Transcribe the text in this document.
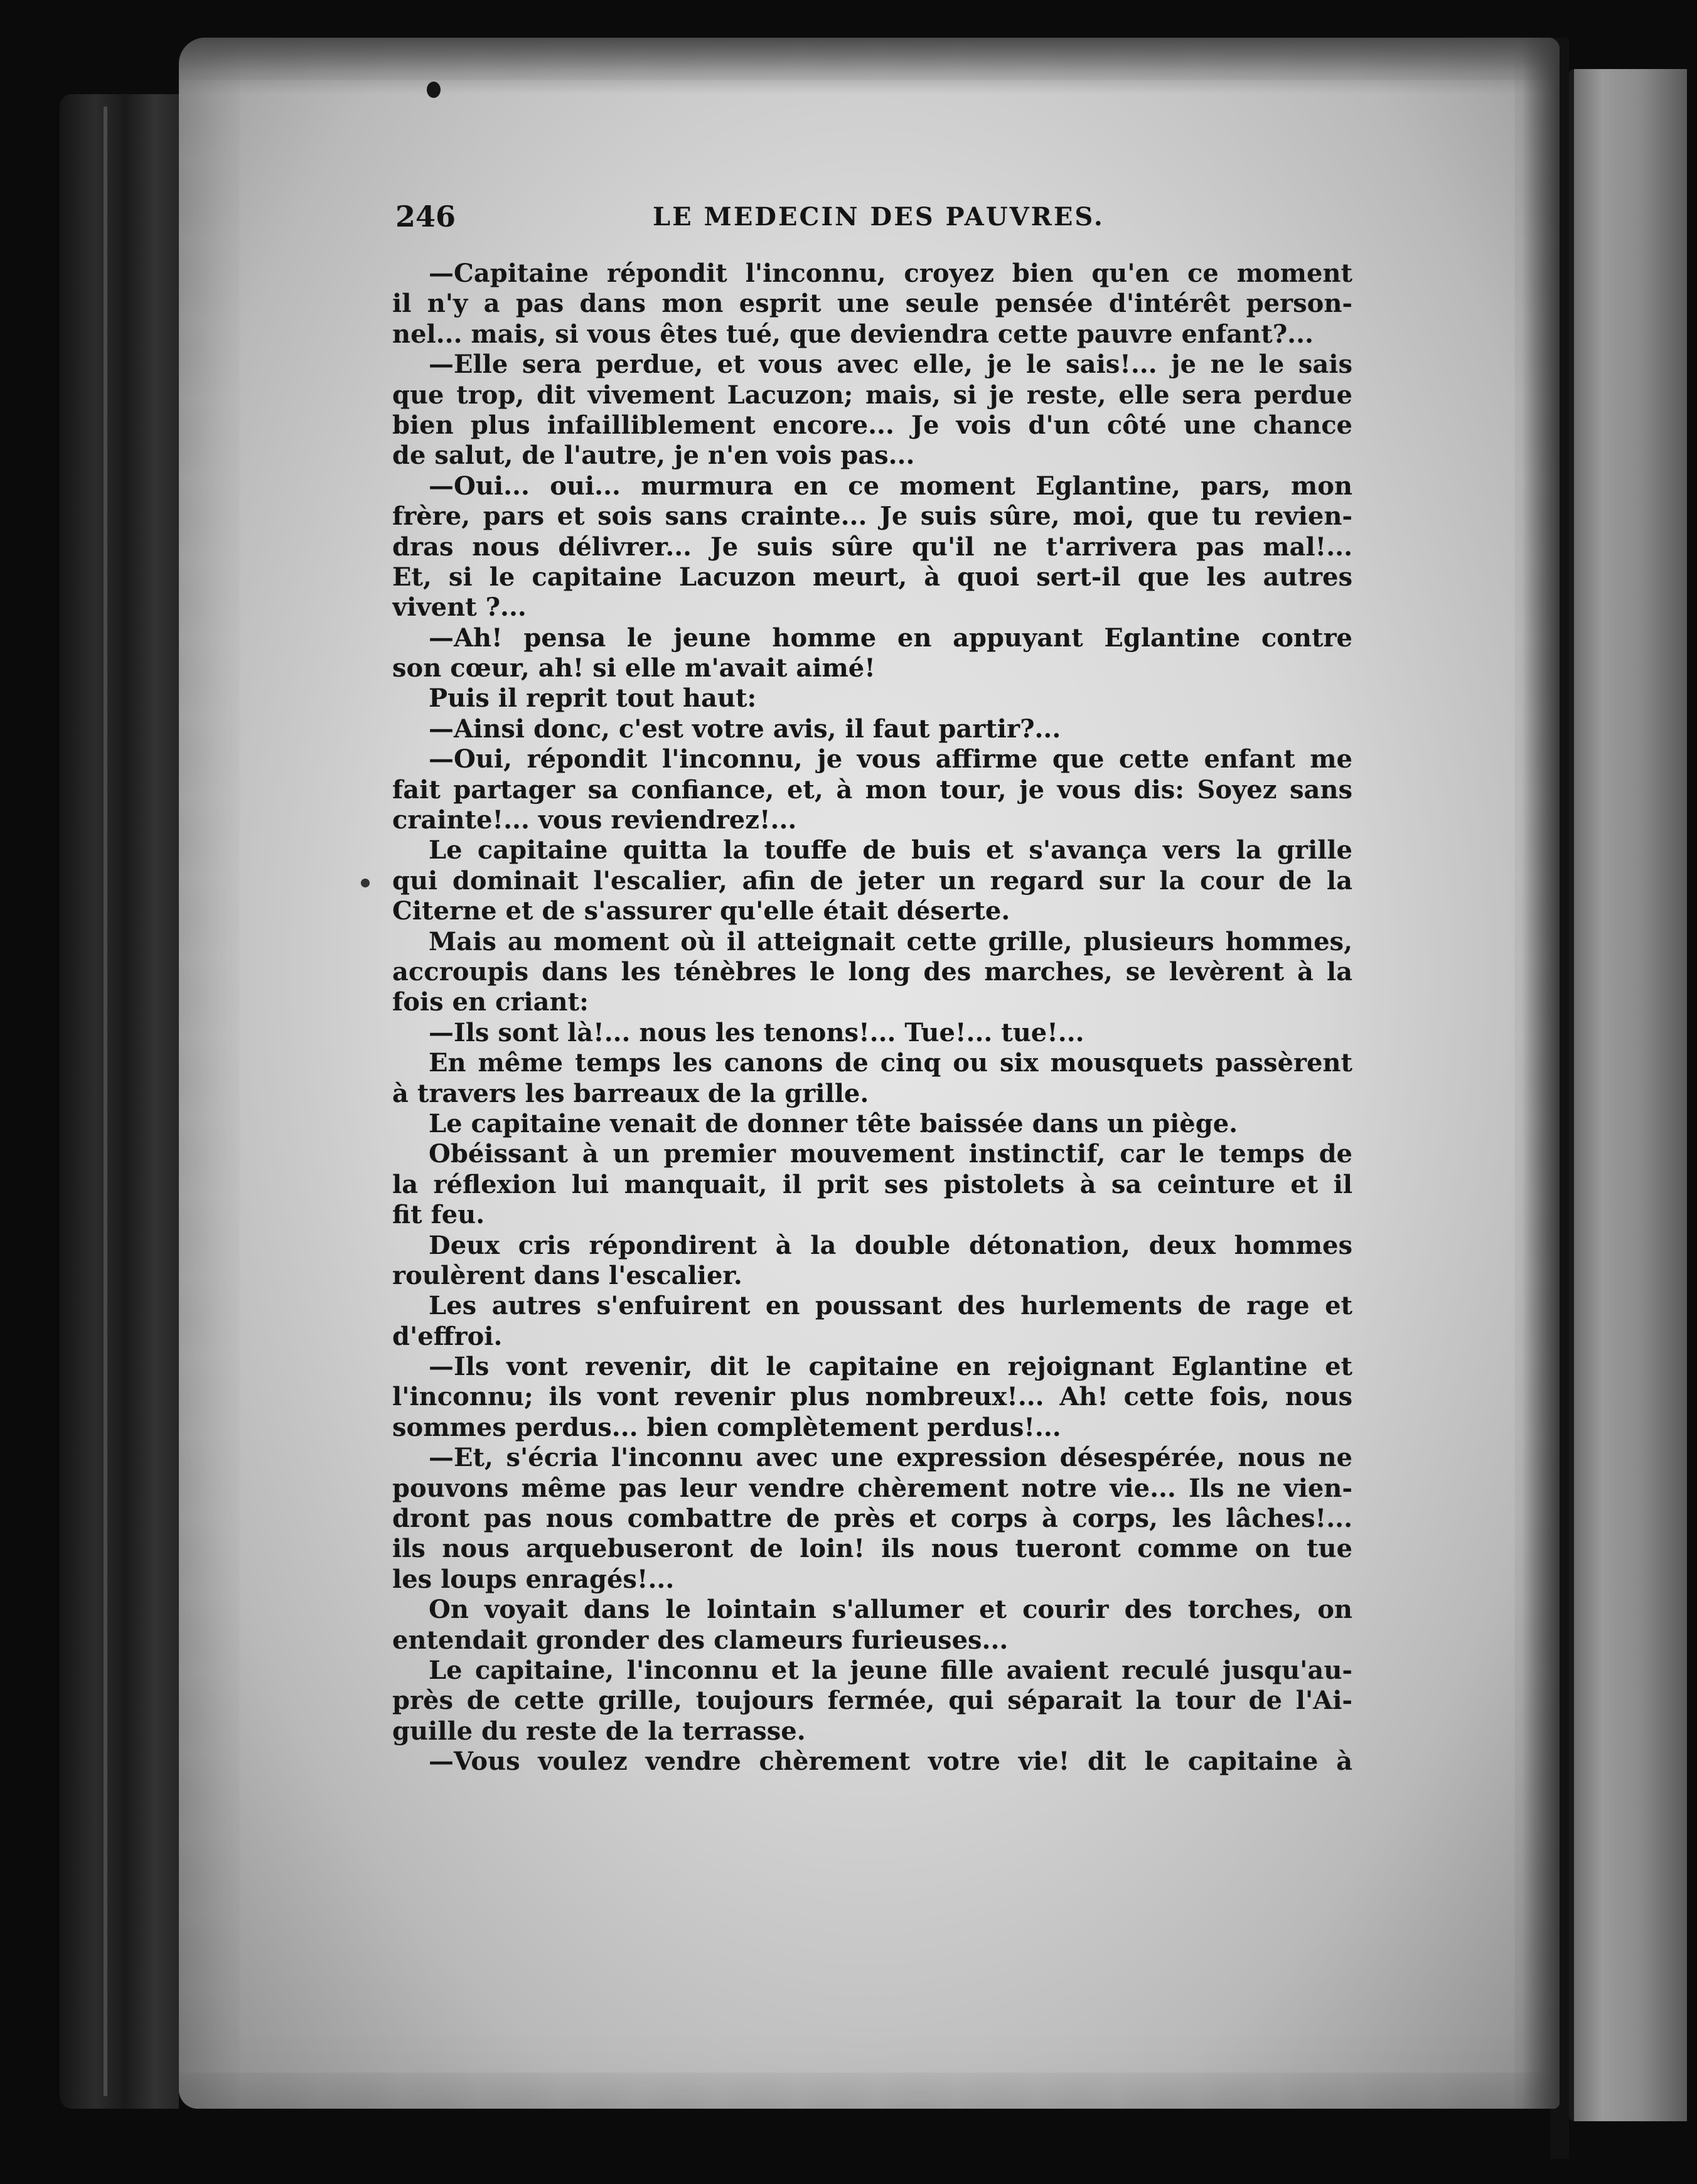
246	LE MEDECIN DES PAUVRES.
—Capitaine répondit l'inconnu, croyez bien qu'en ce moment
il n'y a pas dans mon esprit une seule pensée d'intérêt person-
nel... mais, si vous êtes tué, que deviendra cette pauvre enfant?...
—Elle sera perdue, et vous avec elle, je le sais!... je ne le sais
que trop, dit vivement Lacuzon; mais, si je reste, elle sera perdue
bien plus infailliblement encore... Je vois d'un côté une chance
de salut, de l'autre, je n'en vois pas...
—Oui... oui... murmura en ce moment Eglantine, pars, mon
frère, pars et sois sans crainte... Je suis sûre, moi, que tu revien-
dras nous délivrer... Je suis sûre qu'il ne t'arrivera pas mal!...
Et, si le capitaine Lacuzon meurt, à quoi sert-il que les autres
vivent ?...
—Ah! pensa le jeune homme en appuyant Eglantine contre
son cœur, ah! si elle m'avait aimé!
Puis il reprit tout haut:
—Ainsi donc, c'est votre avis, il faut partir?...
—Oui, répondit l'inconnu, je vous affirme que cette enfant me
fait partager sa confiance, et, à mon tour, je vous dis: Soyez sans
crainte!... vous reviendrez!...
Le capitaine quitta la touffe de buis et s'avança vers la grille
qui dominait l'escalier, afin de jeter un regard sur la cour de la
Citerne et de s'assurer qu'elle était déserte.
Mais au moment où il atteignait cette grille, plusieurs hommes,
accroupis dans les ténèbres le long des marches, se levèrent à la
fois en criant:
—Ils sont là!... nous les tenons!... Tue!... tue!...
En même temps les canons de cinq ou six mousquets passèrent
à travers les barreaux de la grille.
Le capitaine venait de donner tête baissée dans un piège.
Obéissant à un premier mouvement instinctif, car le temps de
la réflexion lui manquait, il prit ses pistolets à sa ceinture et il
fit feu.
Deux cris répondirent à la double détonation, deux hommes
roulèrent dans l'escalier.
Les autres s'enfuirent en poussant des hurlements de rage et
d'effroi.
—Ils vont revenir, dit le capitaine en rejoignant Eglantine et
l'inconnu; ils vont revenir plus nombreux!... Ah! cette fois, nous
sommes perdus... bien complètement perdus!...
—Et, s'écria l'inconnu avec une expression désespérée, nous ne
pouvons même pas leur vendre chèrement notre vie... Ils ne vien-
dront pas nous combattre de près et corps à corps, les lâches!...
ils nous arquebuseront de loin! ils nous tueront comme on tue
les loups enragés!...
On voyait dans le lointain s'allumer et courir des torches, on
entendait gronder des clameurs furieuses...
Le capitaine, l'inconnu et la jeune fille avaient reculé jusqu'au-
près de cette grille, toujours fermée, qui séparait la tour de l'Ai-
guille du reste de la terrasse.
—Vous voulez vendre chèrement votre vie! dit le capitaine à
